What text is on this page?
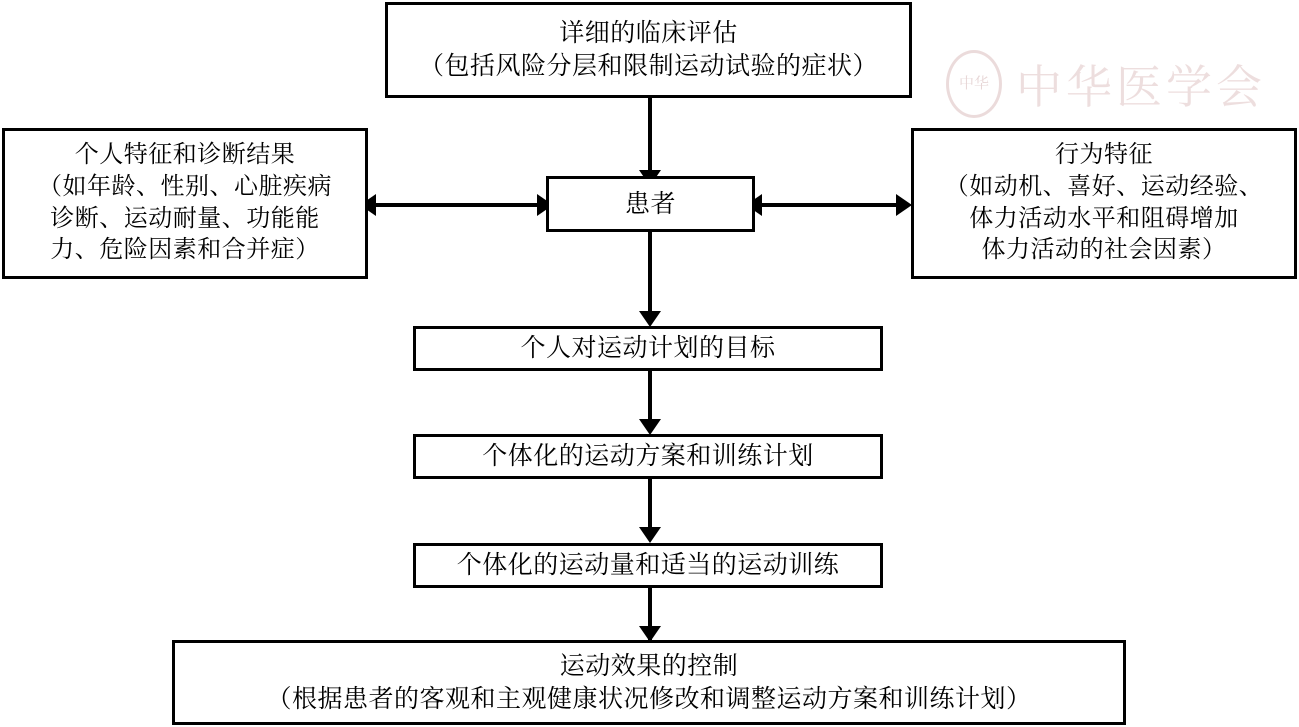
中华 中华医学会
详细的临床评估
（包括风险分层和限制运动试验的症状）
个人特征和诊断结果
（如年龄、性别、心脏疾病
诊断、运动耐量、功能能
力、危险因素和合并症）
患者
行为特征
（如动机、喜好、运动经验、
体力活动水平和阻碍增加
体力活动的社会因素）
个人对运动计划的目标
个体化的运动方案和训练计划
个体化的运动量和适当的运动训练
运动效果的控制
（根据患者的客观和主观健康状况修改和调整运动方案和训练计划）
